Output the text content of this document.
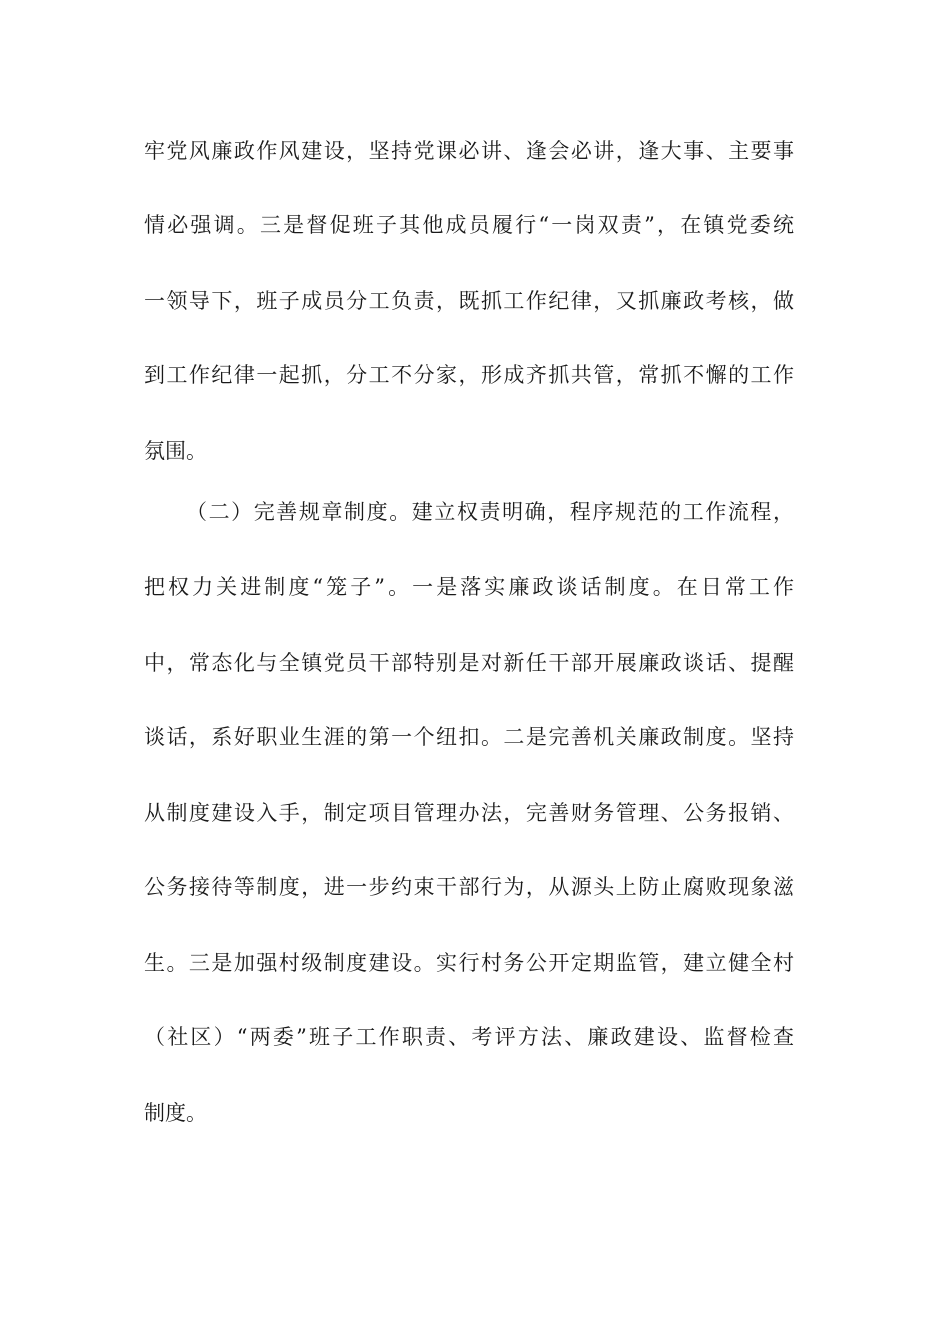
牢党风廉政作风建设，坚持党课必讲、逢会必讲，逢大事、主要事
情必强调。三是督促班子其他成员履行“一岗双责”，在镇党委统
一领导下，班子成员分工负责，既抓工作纪律，又抓廉政考核，做
到工作纪律一起抓，分工不分家，形成齐抓共管，常抓不懈的工作
氛围。
（二）完善规章制度。建立权责明确，程序规范的工作流程，
把权力关进制度“笼子”。一是落实廉政谈话制度。在日常工作
中，常态化与全镇党员干部特别是对新任干部开展廉政谈话、提醒
谈话，系好职业生涯的第一个纽扣。二是完善机关廉政制度。坚持
从制度建设入手，制定项目管理办法，完善财务管理、公务报销、
公务接待等制度，进一步约束干部行为，从源头上防止腐败现象滋
生。三是加强村级制度建设。实行村务公开定期监管，建立健全村
（社区）“两委”班子工作职责、考评方法、廉政建设、监督检查
制度。
